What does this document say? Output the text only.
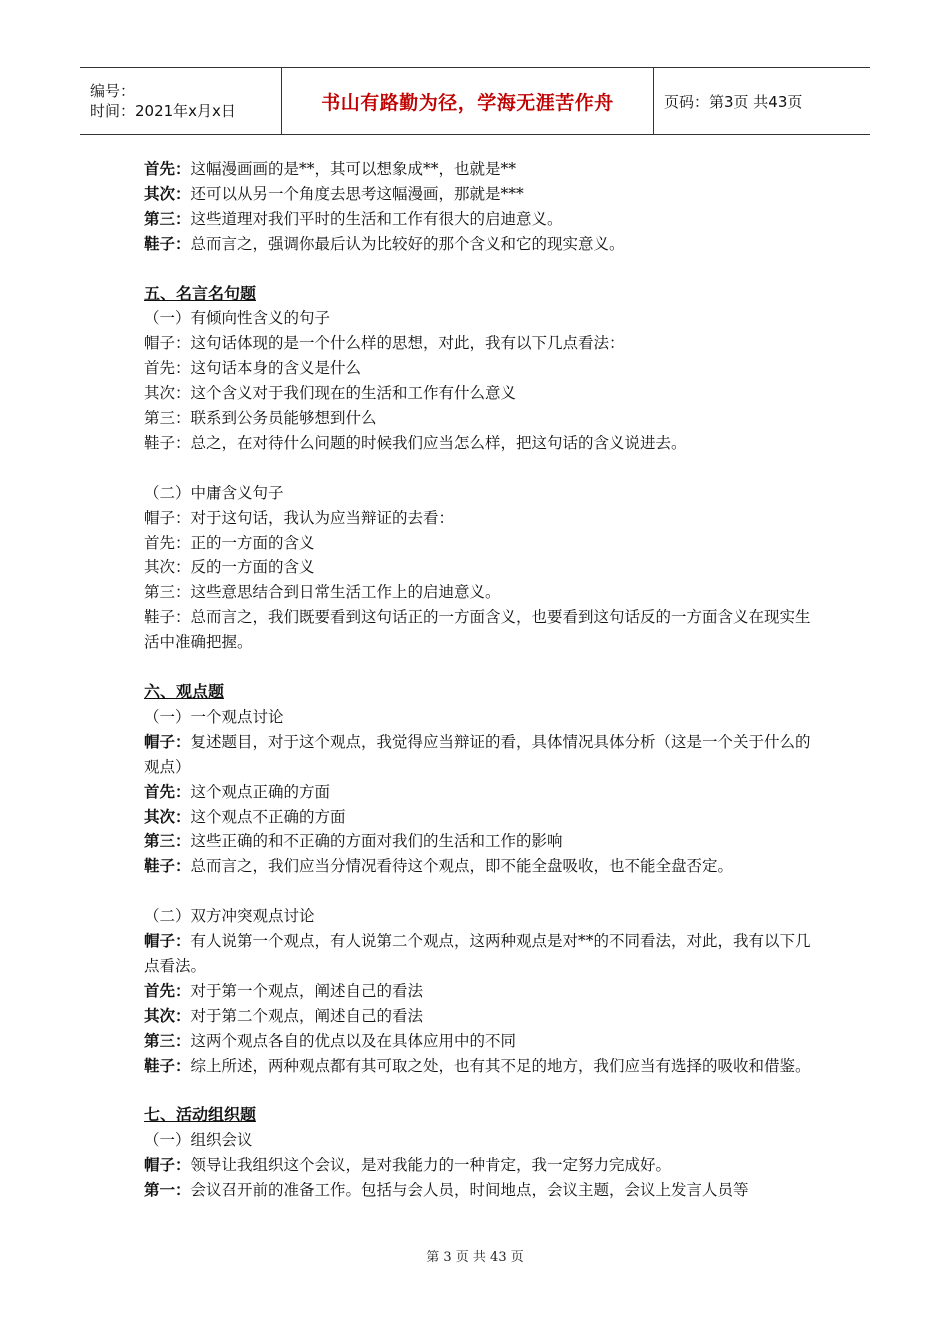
编号：
时间：2021年x月x日	书山有路勤为径，学海无涯苦作舟	页码：第3页 共43页
首先：这幅漫画画的是**，其可以想象成**，也就是**
其次：还可以从另一个角度去思考这幅漫画，那就是***
第三：这些道理对我们平时的生活和工作有很大的启迪意义。
鞋子：总而言之，强调你最后认为比较好的那个含义和它的现实意义。
五、名言名句题
（一）有倾向性含义的句子
帽子：这句话体现的是一个什么样的思想，对此，我有以下几点看法：
首先：这句话本身的含义是什么
其次：这个含义对于我们现在的生活和工作有什么意义
第三：联系到公务员能够想到什么
鞋子：总之，在对待什么问题的时候我们应当怎么样，把这句话的含义说进去。
（二）中庸含义句子
帽子：对于这句话，我认为应当辩证的去看：
首先：正的一方面的含义
其次：反的一方面的含义
第三：这些意思结合到日常生活工作上的启迪意义。
鞋子：总而言之，我们既要看到这句话正的一方面含义，也要看到这句话反的一方面含义在现实生活中准确把握。
六、观点题
（一）一个观点讨论
帽子：复述题目，对于这个观点，我觉得应当辩证的看，具体情况具体分析（这是一个关于什么的观点）
首先：这个观点正确的方面
其次：这个观点不正确的方面
第三：这些正确的和不正确的方面对我们的生活和工作的影响
鞋子：总而言之，我们应当分情况看待这个观点，即不能全盘吸收，也不能全盘否定。
（二）双方冲突观点讨论
帽子：有人说第一个观点，有人说第二个观点，这两种观点是对**的不同看法，对此，我有以下几点看法。
首先：对于第一个观点，阐述自己的看法
其次：对于第二个观点，阐述自己的看法
第三：这两个观点各自的优点以及在具体应用中的不同
鞋子：综上所述，两种观点都有其可取之处，也有其不足的地方，我们应当有选择的吸收和借鉴。
七、活动组织题
（一）组织会议
帽子：领导让我组织这个会议，是对我能力的一种肯定，我一定努力完成好。
第一：会议召开前的准备工作。包括与会人员，时间地点，会议主题，会议上发言人员等
第 3 页 共 43 页
